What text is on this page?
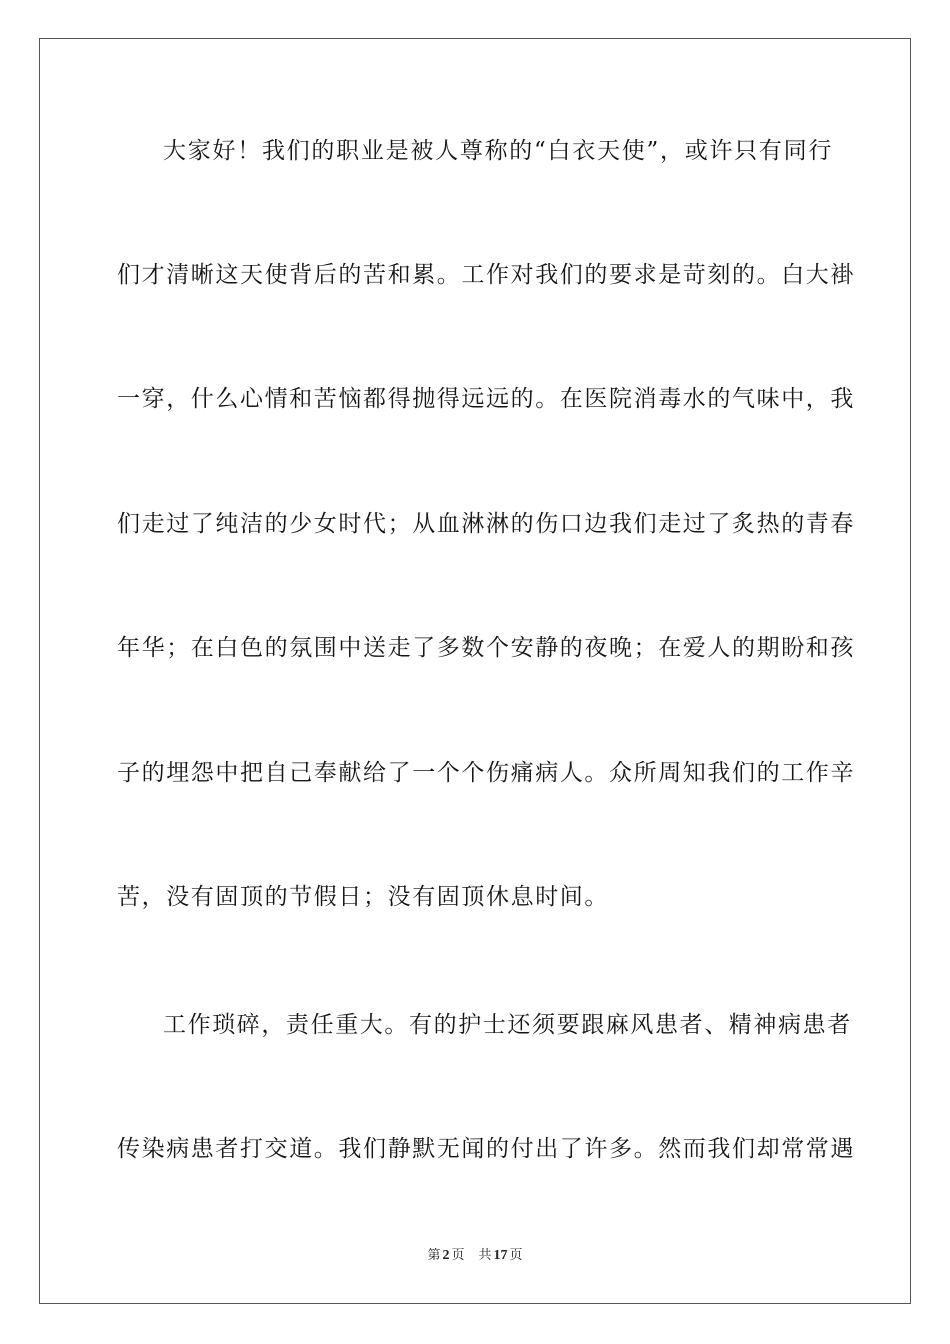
大家好！我们的职业是被人尊称的“白衣天使”，或许只有同行
们才清晰这天使背后的苦和累。工作对我们的要求是苛刻的。白大褂
一穿，什么心情和苦恼都得抛得远远的。在医院消毒水的气味中，我
们走过了纯洁的少女时代；从血淋淋的伤口边我们走过了炙热的青春
年华；在白色的氛围中送走了多数个安静的夜晚；在爱人的期盼和孩
子的埋怨中把自己奉献给了一个个伤痛病人。众所周知我们的工作辛
苦，没有固顶的节假日；没有固顶休息时间。
工作琐碎，责任重大。有的护士还须要跟麻风患者、精神病患者
传染病患者打交道。我们静默无闻的付出了许多。然而我们却常常遇
第 2 页 共 17 页
